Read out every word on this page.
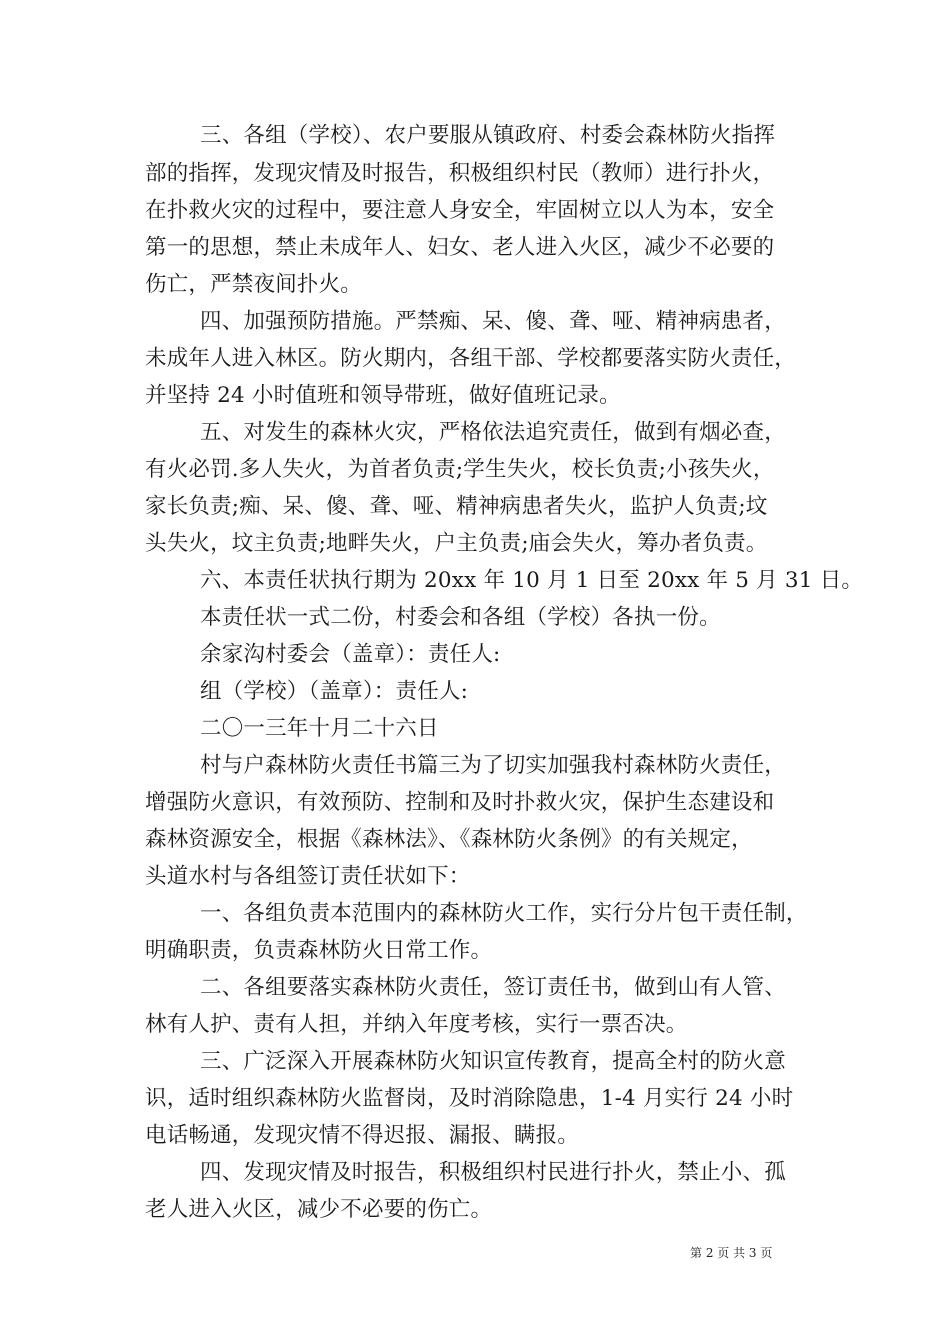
三、各组（学校）、农户要服从镇政府、村委会森林防火指挥
部的指挥，发现灾情及时报告，积极组织村民（教师）进行扑火，
在扑救火灾的过程中，要注意人身安全，牢固树立以人为本，安全
第一的思想，禁止未成年人、妇女、老人进入火区，减少不必要的
伤亡，严禁夜间扑火。
四、加强预防措施。严禁痴、呆、傻、聋、哑、精神病患者，
未成年人进入林区。防火期内，各组干部、学校都要落实防火责任，
并坚持 24 小时值班和领导带班，做好值班记录。
五、对发生的森林火灾，严格依法追究责任，做到有烟必查，
有火必罚.多人失火，为首者负责;学生失火，校长负责;小孩失火，
家长负责;痴、呆、傻、聋、哑、精神病患者失火，监护人负责;坟
头失火，坟主负责;地畔失火，户主负责;庙会失火，筹办者负责。
六、本责任状执行期为 20xx 年 10 月 1 日至 20xx 年 5 月 31 日。
本责任状一式二份，村委会和各组（学校）各执一份。
余家沟村委会（盖章）：责任人:
组（学校）（盖章）：责任人:
二〇一三年十月二十六日
村与户森林防火责任书篇三为了切实加强我村森林防火责任，
增强防火意识，有效预防、控制和及时扑救火灾，保护生态建设和
森林资源安全，根据《森林法》、《森林防火条例》的有关规定，
头道水村与各组签订责任状如下：
一、各组负责本范围内的森林防火工作，实行分片包干责任制，
明确职责，负责森林防火日常工作。
二、各组要落实森林防火责任，签订责任书，做到山有人管、
林有人护、责有人担，并纳入年度考核，实行一票否决。
三、广泛深入开展森林防火知识宣传教育，提高全村的防火意
识，适时组织森林防火监督岗，及时消除隐患，1-4 月实行 24 小时
电话畅通，发现灾情不得迟报、漏报、瞒报。
四、发现灾情及时报告，积极组织村民进行扑火，禁止小、孤
老人进入火区，减少不必要的伤亡。
第 2 页 共 3 页
